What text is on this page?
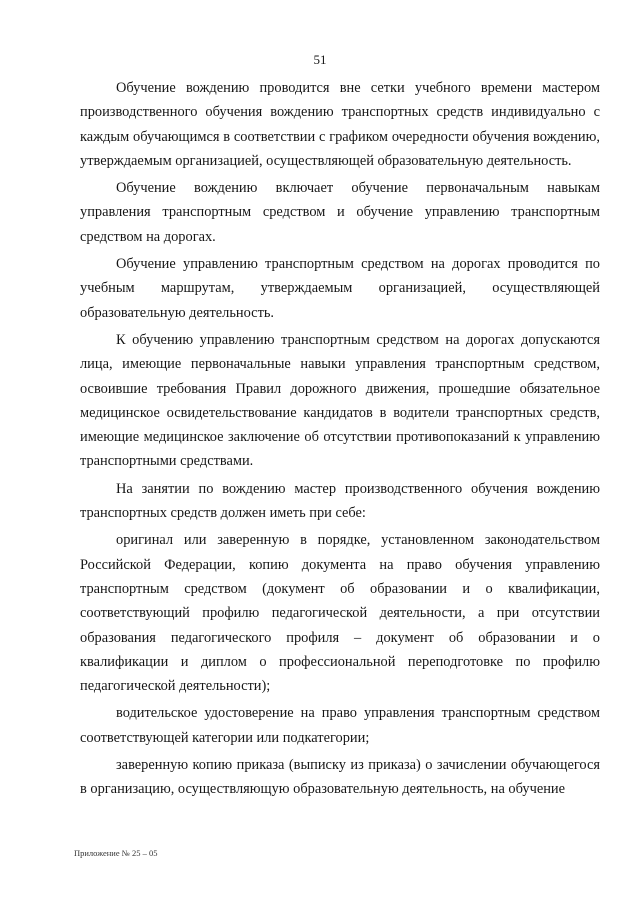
51

Обучение вождению проводится вне сетки учебного времени мастером производственного обучения вождению транспортных средств индивидуально с каждым обучающимся в соответствии с графиком очередности обучения вождению, утверждаемым организацией, осуществляющей образовательную деятельность.

Обучение вождению включает обучение первоначальным навыкам управления транспортным средством и обучение управлению транспортным средством на дорогах.

Обучение управлению транспортным средством на дорогах проводится по учебным маршрутам, утверждаемым организацией, осуществляющей образовательную деятельность.

К обучению управлению транспортным средством на дорогах допускаются лица, имеющие первоначальные навыки управления транспортным средством, освоившие требования Правил дорожного движения, прошедшие обязательное медицинское освидетельствование кандидатов в водители транспортных средств, имеющие медицинское заключение об отсутствии противопоказаний к управлению транспортными средствами.

На занятии по вождению мастер производственного обучения вождению транспортных средств должен иметь при себе:

оригинал или заверенную в порядке, установленном законодательством Российской Федерации, копию документа на право обучения управлению транспортным средством (документ об образовании и о квалификации, соответствующий профилю педагогической деятельности, а при отсутствии образования педагогического профиля – документ об образовании и о квалификации и диплом о профессиональной переподготовке по профилю педагогической деятельности);

водительское удостоверение на право управления транспортным средством соответствующей категории или подкатегории;

заверенную копию приказа (выписку из приказа) о зачислении обучающегося в организацию, осуществляющую образовательную деятельность, на обучение

Приложение № 25 – 05
